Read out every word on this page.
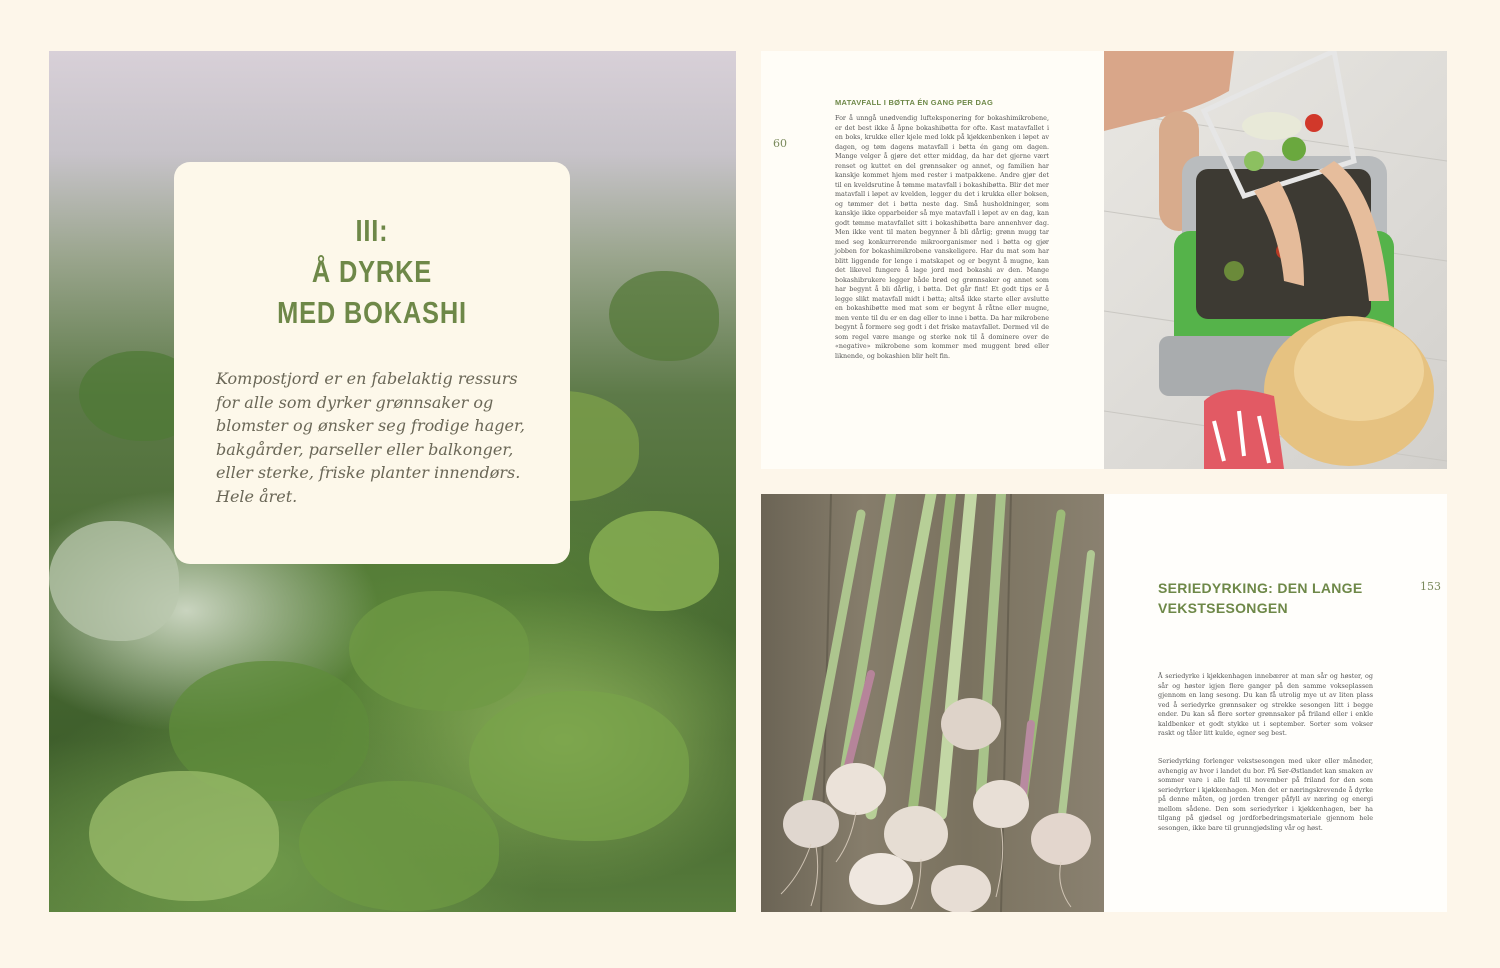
III:
Å DYRKE
MED BOKASHI
Kompostjord er en fabelaktig ressurs for alle som dyrker grønnsaker og blomster og ønsker seg frodige hager, bakgårder, parseller eller balkonger, eller sterke, friske planter innendørs. Hele året.
60
MATAVFALL I BØTTA ÉN GANG PER DAG
For å unngå unødvendig lufteksponering for bokashimikrobene, er det best ikke å åpne bokashibøtta for ofte. Kast matavfallet i en boks, krukke eller kjele med lokk på kjøkkenbenken i løpet av dagen, og tøm dagens matavfall i bøtta én gang om dagen. Mange velger å gjøre det etter middag, da har det gjerne vært renset og kuttet en del grønnsaker og annet, og familien har kanskje kommet hjem med rester i matpakkene. Andre gjør det til en kveldsrutine å tømme matavfall i bokashibøtta. Blir det mer matavfall i løpet av kvelden, legger du det i krukka eller boksen, og tømmer det i bøtta neste dag. Små husholdninger, som kanskje ikke opparbeider så mye matavfall i løpet av en dag, kan godt tømme matavfallet sitt i bokashibøtta bare annenhver dag. Men ikke vent til maten begynner å bli dårlig; grønn mugg tar med seg konkurrerende mikroorganismer ned i bøtta og gjør jobben for bokashimikrobene vanskeligere. Har du mat som har blitt liggende for lenge i matskapet og er begynt å mugne, kan det likevel fungere å lage jord med bokashi av den. Mange bokashibrukere legger både brød og grønnsaker og annet som har begynt å bli dårlig, i bøtta. Det går fint! Et godt tips er å legge slikt matavfall midt i bøtta; altså ikke starte eller avslutte en bokashibøtte med mat som er begynt å råtne eller mugne, men vente til du er en dag eller to inne i bøtta. Da har mikrobene begynt å formere seg godt i det friske matavfallet. Dermed vil de som regel være mange og sterke nok til å dominere over de «negative» mikrobene som kommer med muggent brød eller liknende, og bokashien blir helt fin.
SERIEDYRKING: DEN LANGE VEKSTSESONGEN
153
Å seriedyrke i kjøkkenhagen innebærer at man sår og høster, og sår og høster igjen flere ganger på den samme vokseplassen gjennom en lang sesong. Du kan få utrolig mye ut av liten plass ved å seriedyrke grønnsaker og strekke sesongen litt i begge ender. Du kan så flere sorter grønnsaker på friland eller i enkle kaldbenker et godt stykke ut i september. Sorter som vokser raskt og tåler litt kulde, egner seg best.
Seriedyrking forlenger vekstsesongen med uker eller måneder, avhengig av hvor i landet du bor. På Sør-Østlandet kan smaken av sommer vare i alle fall til november på friland for den som seriedyrker i kjøkkenhagen. Men det er næringskrevende å dyrke på denne måten, og jorden trenger påfyll av næring og energi mellom sådene. Den som seriedyrker i kjøkkenhagen, bør ha tilgang på gjødsel og jordforbedringsmateriale gjennom hele sesongen, ikke bare til grunngjødsling vår og høst.
